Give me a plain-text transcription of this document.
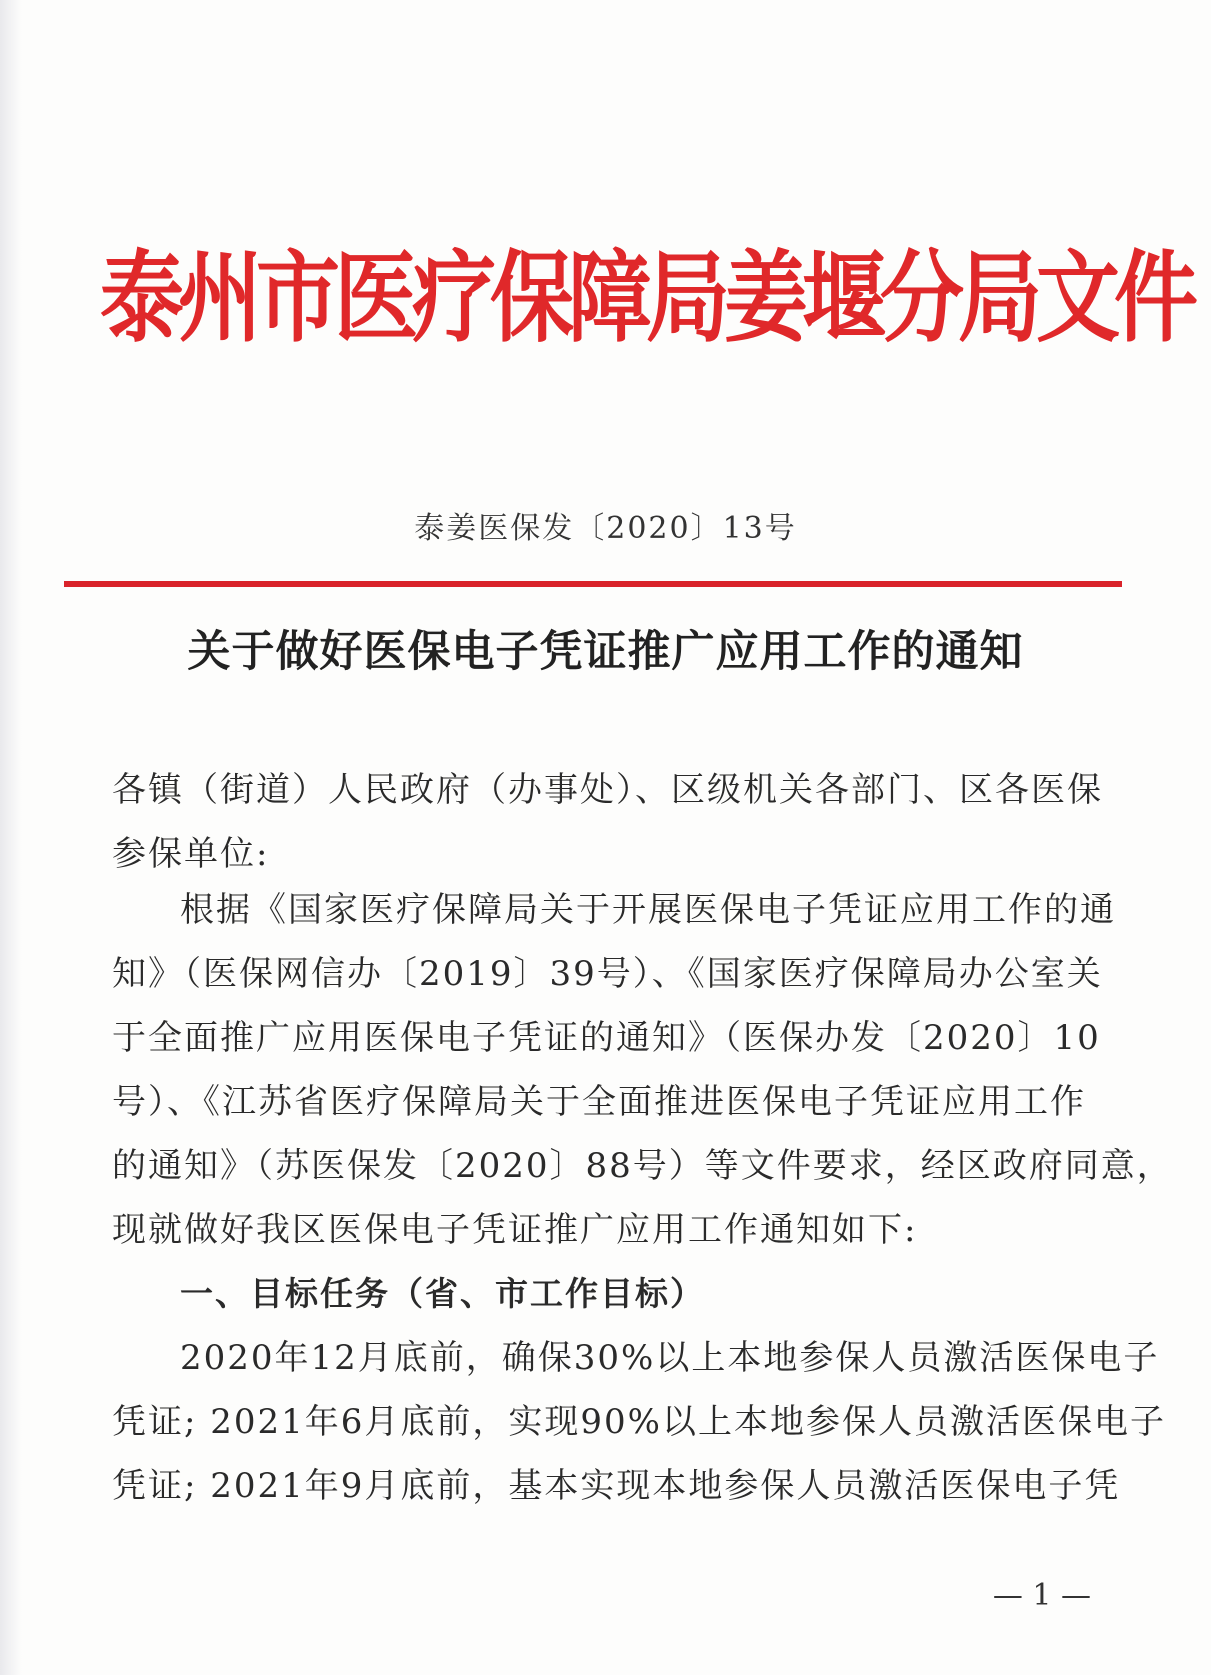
泰州市医疗保障局姜堰分局文件
泰姜医保发〔2020〕13号
关于做好医保电子凭证推广应用工作的通知
各镇（街道）人民政府（办事处）、区级机关各部门、区各医保
参保单位:
根据《国家医疗保障局关于开展医保电子凭证应用工作的通
知》（医保网信办〔2019〕39号）、《国家医疗保障局办公室关
于全面推广应用医保电子凭证的通知》（医保办发〔2020〕10
号）、《江苏省医疗保障局关于全面推进医保电子凭证应用工作
的通知》（苏医保发〔2020〕88号）等文件要求，经区政府同意，
现就做好我区医保电子凭证推广应用工作通知如下:
一、目标任务（省、市工作目标）
2020年12月底前，确保30%以上本地参保人员激活医保电子
凭证; 2021年6月底前，实现90%以上本地参保人员激活医保电子
凭证; 2021年9月底前，基本实现本地参保人员激活医保电子凭
— 1 —
